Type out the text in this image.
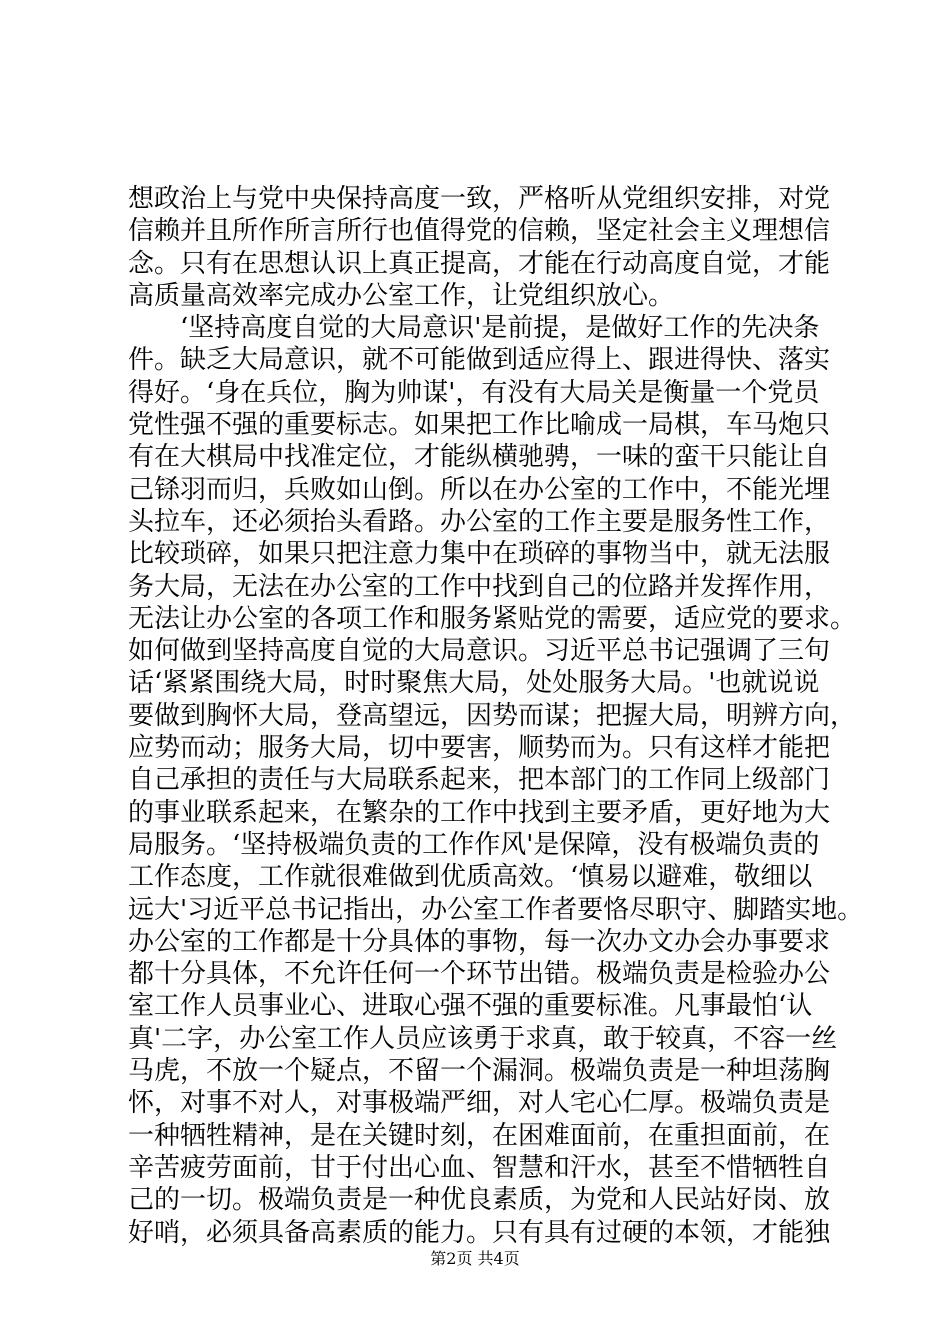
想政治上与党中央保持高度一致，严格听从党组织安排，对党
信赖并且所作所言所行也值得党的信赖，坚定社会主义理想信
念。只有在思想认识上真正提高，才能在行动高度自觉，才能
高质量高效率完成办公室工作，让党组织放心。
　　‘坚持高度自觉的大局意识'是前提，是做好工作的先决条
件。缺乏大局意识，就不可能做到适应得上、跟进得快、落实
得好。‘身在兵位，胸为帅谋'，有没有大局关是衡量一个党员
党性强不强的重要标志。如果把工作比喻成一局棋，车马炮只
有在大棋局中找准定位，才能纵横驰骋，一味的蛮干只能让自
己铩羽而归，兵败如山倒。所以在办公室的工作中，不能光埋
头拉车，还必须抬头看路。办公室的工作主要是服务性工作，
比较琐碎，如果只把注意力集中在琐碎的事物当中，就无法服
务大局，无法在办公室的工作中找到自己的位路并发挥作用，
无法让办公室的各项工作和服务紧贴党的需要，适应党的要求。
如何做到坚持高度自觉的大局意识。习近平总书记强调了三句
话‘紧紧围绕大局，时时聚焦大局，处处服务大局。'也就说说
要做到胸怀大局，登高望远，因势而谋；把握大局，明辨方向，
应势而动；服务大局，切中要害，顺势而为。只有这样才能把
自己承担的责任与大局联系起来，把本部门的工作同上级部门
的事业联系起来，在繁杂的工作中找到主要矛盾，更好地为大
局服务。‘坚持极端负责的工作作风'是保障，没有极端负责的
工作态度，工作就很难做到优质高效。‘慎易以避难，敬细以
远大'习近平总书记指出，办公室工作者要恪尽职守、脚踏实地。
办公室的工作都是十分具体的事物，每一次办文办会办事要求
都十分具体，不允许任何一个环节出错。极端负责是检验办公
室工作人员事业心、进取心强不强的重要标准。凡事最怕‘认
真'二字，办公室工作人员应该勇于求真，敢于较真，不容一丝
马虎，不放一个疑点，不留一个漏洞。极端负责是一种坦荡胸
怀，对事不对人，对事极端严细，对人宅心仁厚。极端负责是
一种牺牲精神，是在关键时刻，在困难面前，在重担面前，在
辛苦疲劳面前，甘于付出心血、智慧和汗水，甚至不惜牺牲自
己的一切。极端负责是一种优良素质，为党和人民站好岗、放
好哨，必须具备高素质的能力。只有具有过硬的本领，才能独
第2页 共4页
